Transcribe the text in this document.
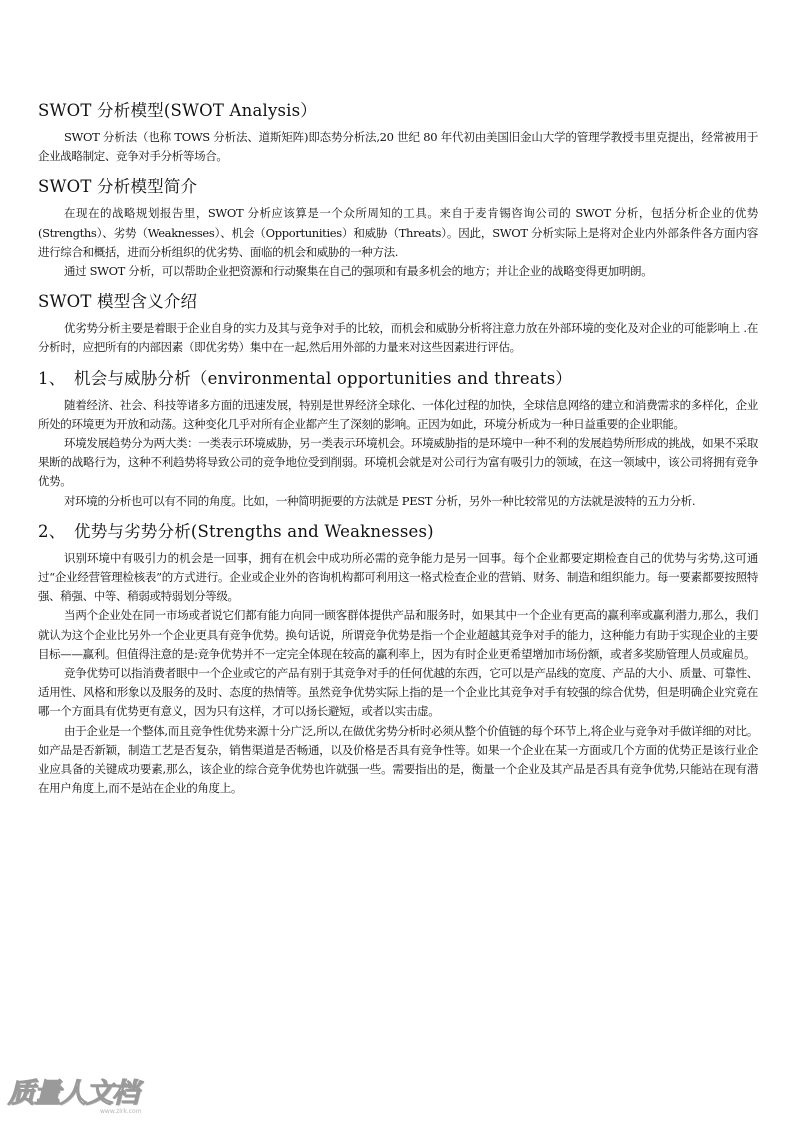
SWOT 分析模型(SWOT Analysis）

SWOT 分析法（也称 TOWS 分析法、道斯矩阵)即态势分析法,20 世纪 80 年代初由美国旧金山大学的管理学教授韦里克提出，经常被用于企业战略制定、竞争对手分析等场合。

SWOT 分析模型简介

在现在的战略规划报告里，SWOT 分析应该算是一个众所周知的工具。来自于麦肯锡咨询公司的 SWOT 分析，包括分析企业的优势(Strengths）、劣势（Weaknesses）、机会（Opportunities）和威胁（Threats）。因此，SWOT 分析实际上是将对企业内外部条件各方面内容进行综合和概括，进而分析组织的优劣势、面临的机会和威胁的一种方法.

通过 SWOT 分析，可以帮助企业把资源和行动聚集在自己的强项和有最多机会的地方；并让企业的战略变得更加明朗。

SWOT 模型含义介绍

优劣势分析主要是着眼于企业自身的实力及其与竞争对手的比较，而机会和威胁分析将注意力放在外部环境的变化及对企业的可能影响上 .在分析时，应把所有的内部因素（即优劣势）集中在一起,然后用外部的力量来对这些因素进行评估。

1、 机会与威胁分析（environmental opportunities and threats）

随着经济、社会、科技等诸多方面的迅速发展，特别是世界经济全球化、一体化过程的加快，全球信息网络的建立和消费需求的多样化，企业所处的环境更为开放和动荡。这种变化几乎对所有企业都产生了深刻的影响。正因为如此，环境分析成为一种日益重要的企业职能。

环境发展趋势分为两大类：一类表示环境威胁，另一类表示环境机会。环境威胁指的是环境中一种不利的发展趋势所形成的挑战，如果不采取果断的战略行为，这种不利趋势将导致公司的竞争地位受到削弱。环境机会就是对公司行为富有吸引力的领域，在这一领域中，该公司将拥有竞争优势。

对环境的分析也可以有不同的角度。比如，一种简明扼要的方法就是 PEST 分析，另外一种比较常见的方法就是波特的五力分析.

2、 优势与劣势分析(Strengths and Weaknesses)

识别环境中有吸引力的机会是一回事，拥有在机会中成功所必需的竞争能力是另一回事。每个企业都要定期检查自己的优势与劣势,这可通过“企业经营管理检核表”的方式进行。企业或企业外的咨询机构都可利用这一格式检查企业的营销、财务、制造和组织能力。每一要素都要按照特强、稍强、中等、稍弱或特弱划分等级。

当两个企业处在同一市场或者说它们都有能力向同一顾客群体提供产品和服务时，如果其中一个企业有更高的赢利率或赢利潜力,那么，我们就认为这个企业比另外一个企业更具有竞争优势。换句话说，所谓竞争优势是指一个企业超越其竞争对手的能力，这种能力有助于实现企业的主要目标——赢利。但值得注意的是:竞争优势并不一定完全体现在较高的赢利率上，因为有时企业更希望增加市场份额，或者多奖励管理人员或雇员。

竞争优势可以指消费者眼中一个企业或它的产品有别于其竞争对手的任何优越的东西，它可以是产品线的宽度、产品的大小、质量、可靠性、适用性、风格和形象以及服务的及时、态度的热情等。虽然竞争优势实际上指的是一个企业比其竞争对手有较强的综合优势，但是明确企业究竟在哪一个方面具有优势更有意义，因为只有这样，才可以扬长避短，或者以实击虚。

由于企业是一个整体,而且竞争性优势来源十分广泛,所以,在做优劣势分析时必须从整个价值链的每个环节上,将企业与竞争对手做详细的对比。如产品是否新颖，制造工艺是否复杂，销售渠道是否畅通，以及价格是否具有竞争性等。如果一个企业在某一方面或几个方面的优势正是该行业企业应具备的关键成功要素,那么，该企业的综合竞争优势也许就强一些。需要指出的是，衡量一个企业及其产品是否具有竞争优势,只能站在现有潜在用户角度上,而不是站在企业的角度上。

质量人文档
www.zlrk.com
